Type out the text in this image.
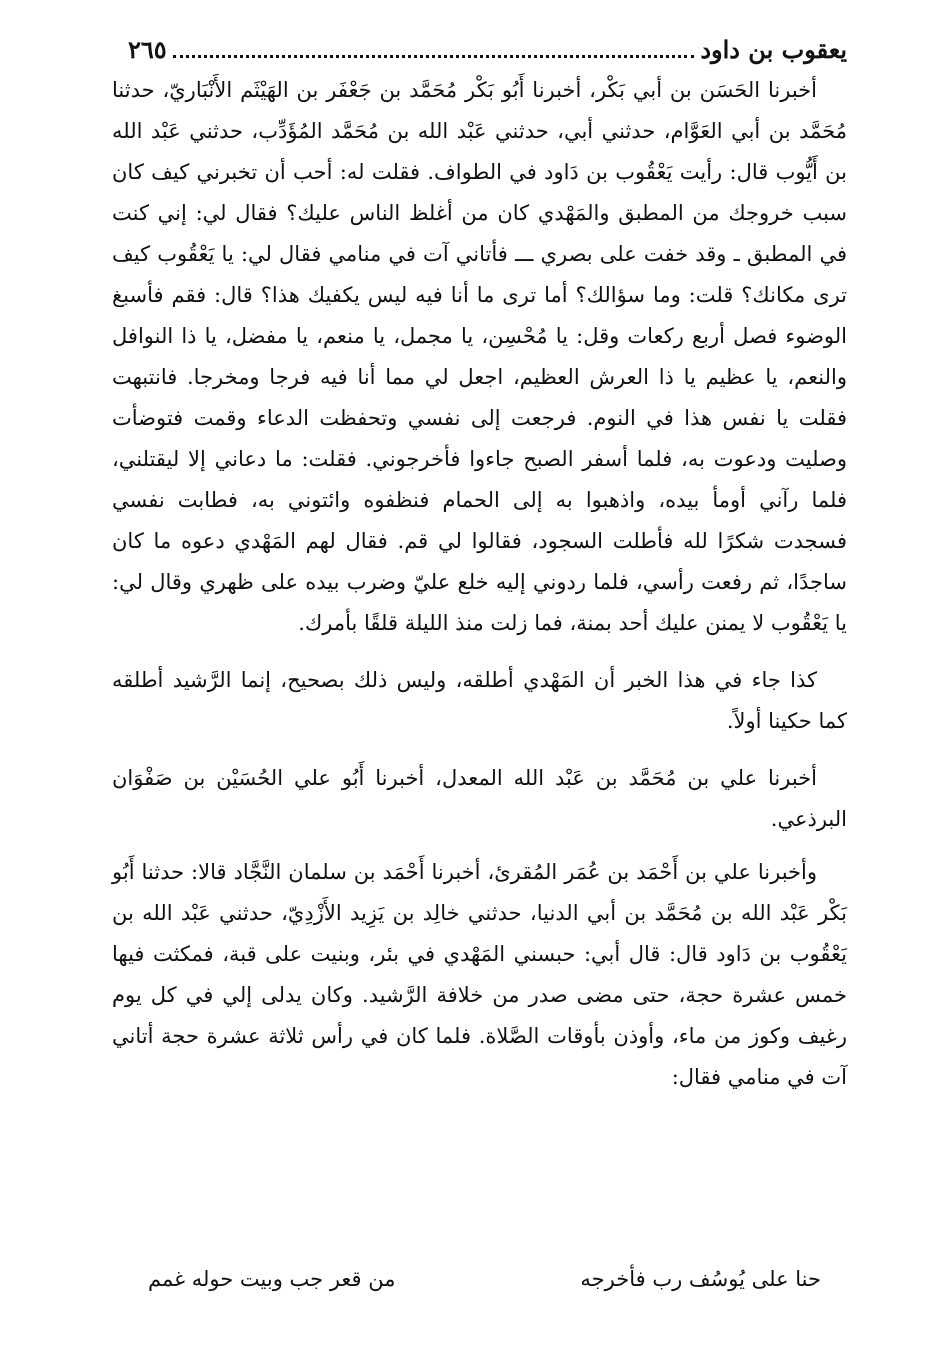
يعقوب بن داود
٢٦٥

أخبرنا الحَسَن بن أبي بَكْر، أخبرنا أَبُو بَكْر مُحَمَّد بن جَعْفَر بن الهَيْثَم الأَنْبَاريّ، حدثنا مُحَمَّد بن أبي العَوَّام، حدثني أبي، حدثني عَبْد الله بن مُحَمَّد المُؤَدِّب، حدثني عَبْد الله بن أَيُّوب قال: رأيت يَعْقُوب بن دَاود في الطواف. فقلت له: أحب أن تخبرني كيف كان سبب خروجك من المطبق والمَهْدي كان من أغلظ الناس عليك؟ فقال لي: إني كنت في المطبق ـ وقد خفت على بصري ـــ فأتاني آت في منامي فقال لي: يا يَعْقُوب كيف ترى مكانك؟ قلت: وما سؤالك؟ أما ترى ما أنا فيه ليس يكفيك هذا؟ قال: فقم فأسبغ الوضوء فصل أربع ركعات وقل: يا مُحْسِن، يا مجمل، يا منعم، يا مفضل، يا ذا النوافل والنعم، يا عظيم يا ذا العرش العظيم، اجعل لي مما أنا فيه فرجا ومخرجا. فانتبهت فقلت يا نفس هذا في النوم. فرجعت إلى نفسي وتحفظت الدعاء وقمت فتوضأت وصليت ودعوت به، فلما أسفر الصبح جاءوا فأخرجوني. فقلت: ما دعاني إلا ليقتلني، فلما رآني أومأ بيده، واذهبوا به إلى الحمام فنظفوه وائتوني به، فطابت نفسي فسجدت شكرًا لله فأطلت السجود، فقالوا لي قم. فقال لهم المَهْدي دعوه ما كان ساجدًا، ثم رفعت رأسي، فلما ردوني إليه خلع عليّ وضرب بيده على ظهري وقال لي: يا يَعْقُوب لا يمنن عليك أحد بمنة، فما زلت منذ الليلة قلقًا بأمرك.

كذا جاء في هذا الخبر أن المَهْدي أطلقه، وليس ذلك بصحيح، إنما الرَّشيد أطلقه كما حكينا أولاً.

أخبرنا علي بن مُحَمَّد بن عَبْد الله المعدل، أخبرنا أَبُو علي الحُسَيْن بن صَفْوَان البرذعي.

وأخبرنا علي بن أَحْمَد بن عُمَر المُقرئ، أخبرنا أَحْمَد بن سلمان النَّجَّاد قالا: حدثنا أَبُو بَكْر عَبْد الله بن مُحَمَّد بن أبي الدنيا، حدثني خالِد بن يَزِيد الأَزْدِيّ، حدثني عَبْد الله بن يَعْقُوب بن دَاود قال: قال أبي: حبسني المَهْدي في بئر، وبنيت على قبة، فمكثت فيها خمس عشرة حجة، حتى مضى صدر من خلافة الرَّشيد. وكان يدلى إلي في كل يوم رغيف وكوز من ماء، وأوذن بأوقات الصَّلاة. فلما كان في رأس ثلاثة عشرة حجة أتاني آت في منامي فقال:

حنا على يُوسُف رب فأخرجه
من قعر جب وبيت حوله غمم
